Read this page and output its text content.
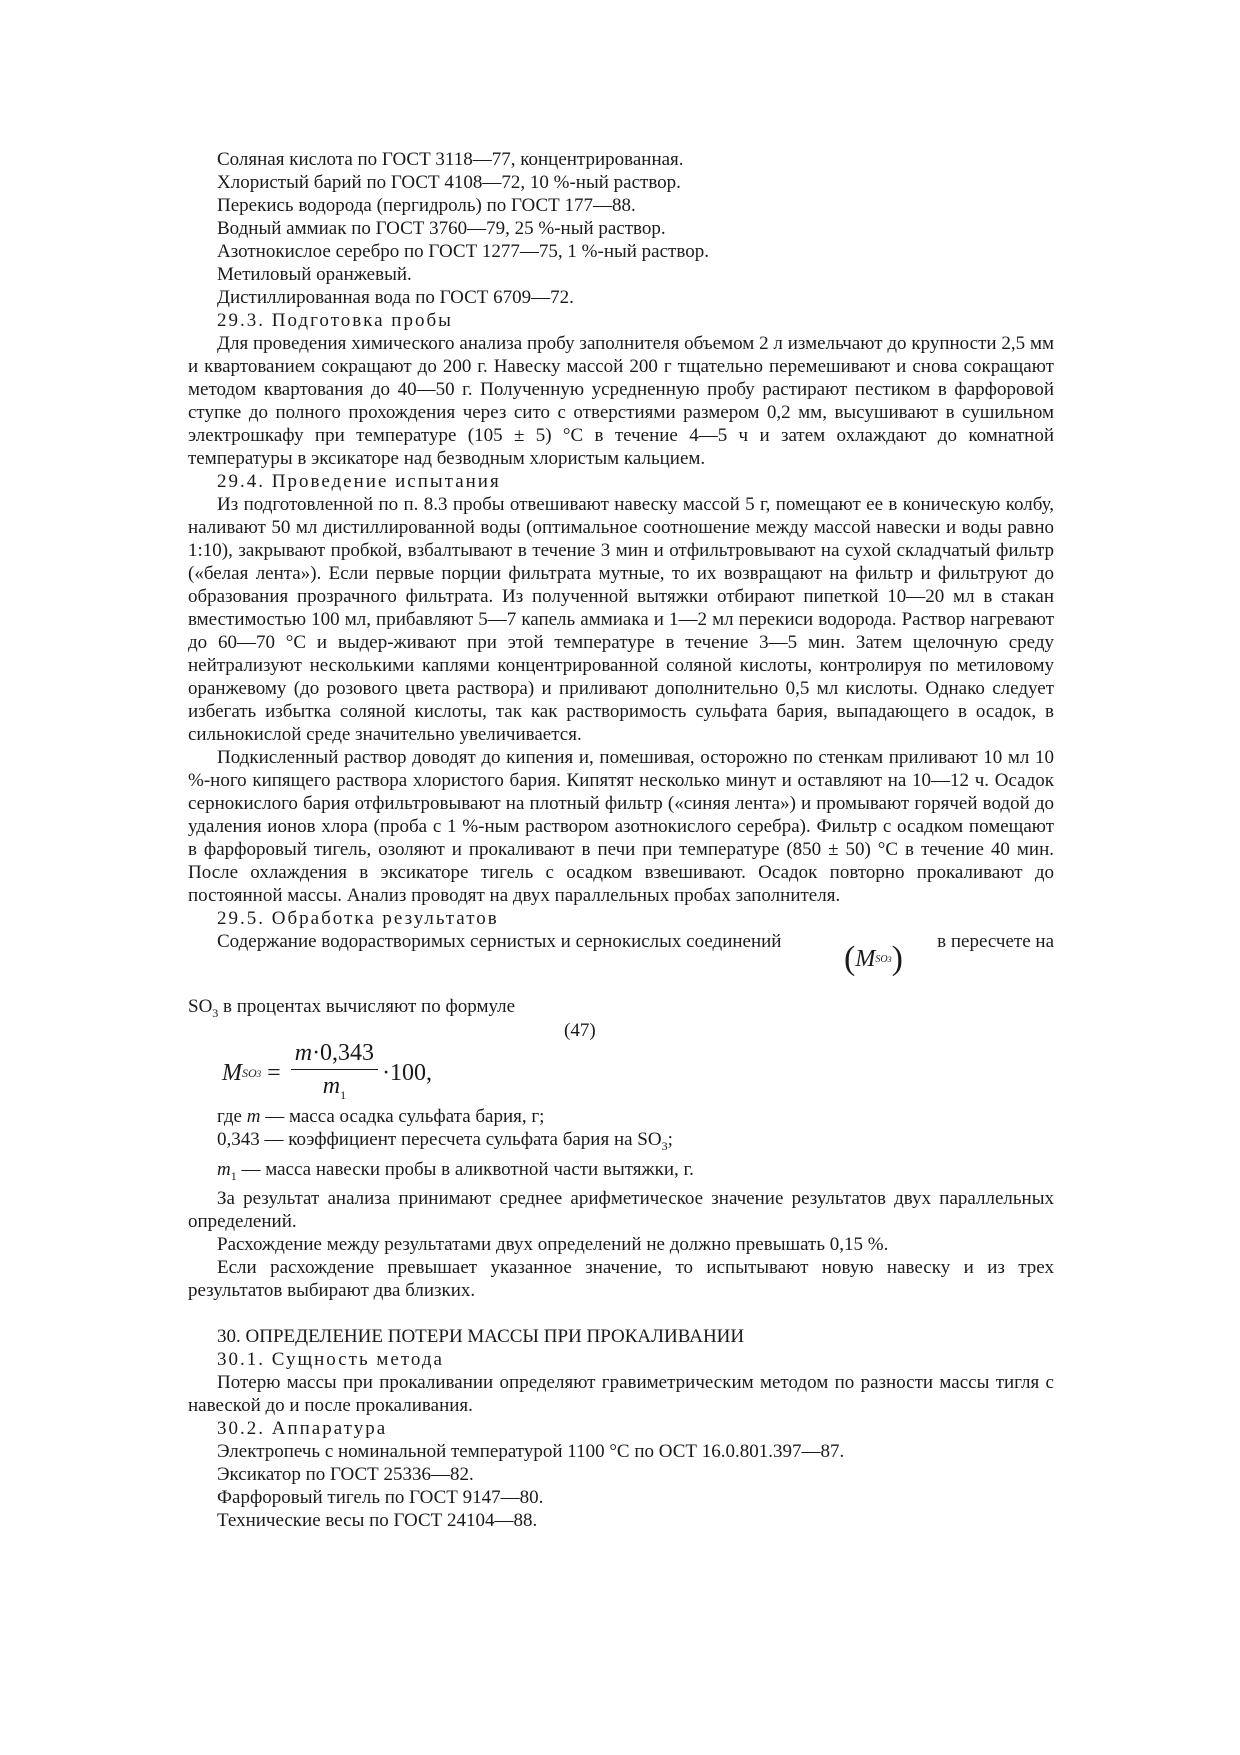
Соляная кислота по ГОСТ 3118—77, концентрированная.

Хлористый барий по ГОСТ 4108—72, 10 %-ный раствор.

Перекись водорода (пергидроль) по ГОСТ 177—88.

Водный аммиак по ГОСТ 3760—79, 25 %-ный раствор.

Азотнокислое серебро по ГОСТ 1277—75, 1 %-ный раствор.

Метиловый оранжевый.

Дистиллированная вода по ГОСТ 6709—72.

29.3. Подготовка пробы

Для проведения химического анализа пробу заполнителя объемом 2 л измельчают до крупности 2,5 мм и квартованием сокращают до 200 г. Навеску массой 200 г тщательно перемешивают и снова сокращают методом квартования до 40—50 г. Полученную усредненную пробу растирают пестиком в фарфоровой ступке до полного прохождения через сито с отверстиями размером 0,2 мм, высушивают в сушильном электрошкафу при температуре (105 ± 5) °С в течение 4—5 ч и затем охлаждают до комнатной температуры в эксикаторе над безводным хлористым кальцием.

29.4. Проведение испытания

Из подготовленной по п. 8.3 пробы отвешивают навеску массой 5 г, помещают ее в коническую колбу, наливают 50 мл дистиллированной воды (оптимальное соотношение между массой навески и воды равно 1:10), закрывают пробкой, взбалтывают в течение 3 мин и отфильтровывают на сухой складчатый фильтр («белая лента»). Если первые порции фильтрата мутные, то их возвращают на фильтр и фильтруют до образования прозрачного фильтрата. Из полученной вытяжки отбирают пипеткой 10—20 мл в стакан вместимостью 100 мл, прибавляют 5—7 капель аммиака и 1—2 мл перекиси водорода. Раствор нагревают до 60—70 °С и выдер-живают при этой температуре в течение 3—5 мин. Затем щелочную среду нейтрализуют несколькими каплями концентрированной соляной кислоты, контролируя по метиловому оранжевому (до розового цвета раствора) и приливают дополнительно 0,5 мл кислоты. Однако следует избегать избытка соляной кислоты, так как растворимость сульфата бария, выпадающего в осадок, в сильнокислой среде значительно увеличивается.

Подкисленный раствор доводят до кипения и, помешивая, осторожно по стенкам приливают 10 мл 10 %-ного кипящего раствора хлористого бария. Кипятят несколько минут и оставляют на 10—12 ч. Осадок сернокислого бария отфильтровывают на плотный фильтр («синяя лента») и промывают горячей водой до удаления ионов хлора (проба с 1 %-ным раствором азотнокислого серебра). Фильтр с осадком помещают в фарфоровый тигель, озоляют и прокаливают в печи при температуре (850 ± 50) °С в течение 40 мин. После охлаждения в эксикаторе тигель с осадком взвешивают. Осадок повторно прокаливают до постоянной массы. Анализ проводят на двух параллельных пробах заполнителя.

29.5. Обработка результатов

Содержание водорастворимых сернистых и сернокислых соединений	в пересчете на
( M SO3 )

$SO_3$ в процентах вычисляют по формуле

(47)
M $SO3 = \frac{m\cdot 0,343}{m_1} \cdot 100$,

где m — масса осадка сульфата бария, г;

0,343 — коэффициент пересчета сульфата бария на $SO_3$;

$m_1$ — масса навески пробы в аликвотной части вытяжки, г.

За результат анализа принимают среднее арифметическое значение результатов двух параллельных определений.

Расхождение между результатами двух определений не должно превышать 0,15 %.

Если расхождение превышает указанное значение, то испытывают новую навеску и из трех результатов выбирают два близких.

30. ОПРЕДЕЛЕНИЕ ПОТЕРИ МАССЫ ПРИ ПРОКАЛИВАНИИ

30.1. Сущность метода

Потерю массы при прокаливании определяют гравиметрическим методом по разности массы тигля с навеской до и после прокаливания.

30.2. Аппаратура

Электропечь с номинальной температурой 1100 °С по ОСТ 16.0.801.397—87.

Эксикатор по ГОСТ 25336—82.

Фарфоровый тигель по ГОСТ 9147—80.

Технические весы по ГОСТ 24104—88.
